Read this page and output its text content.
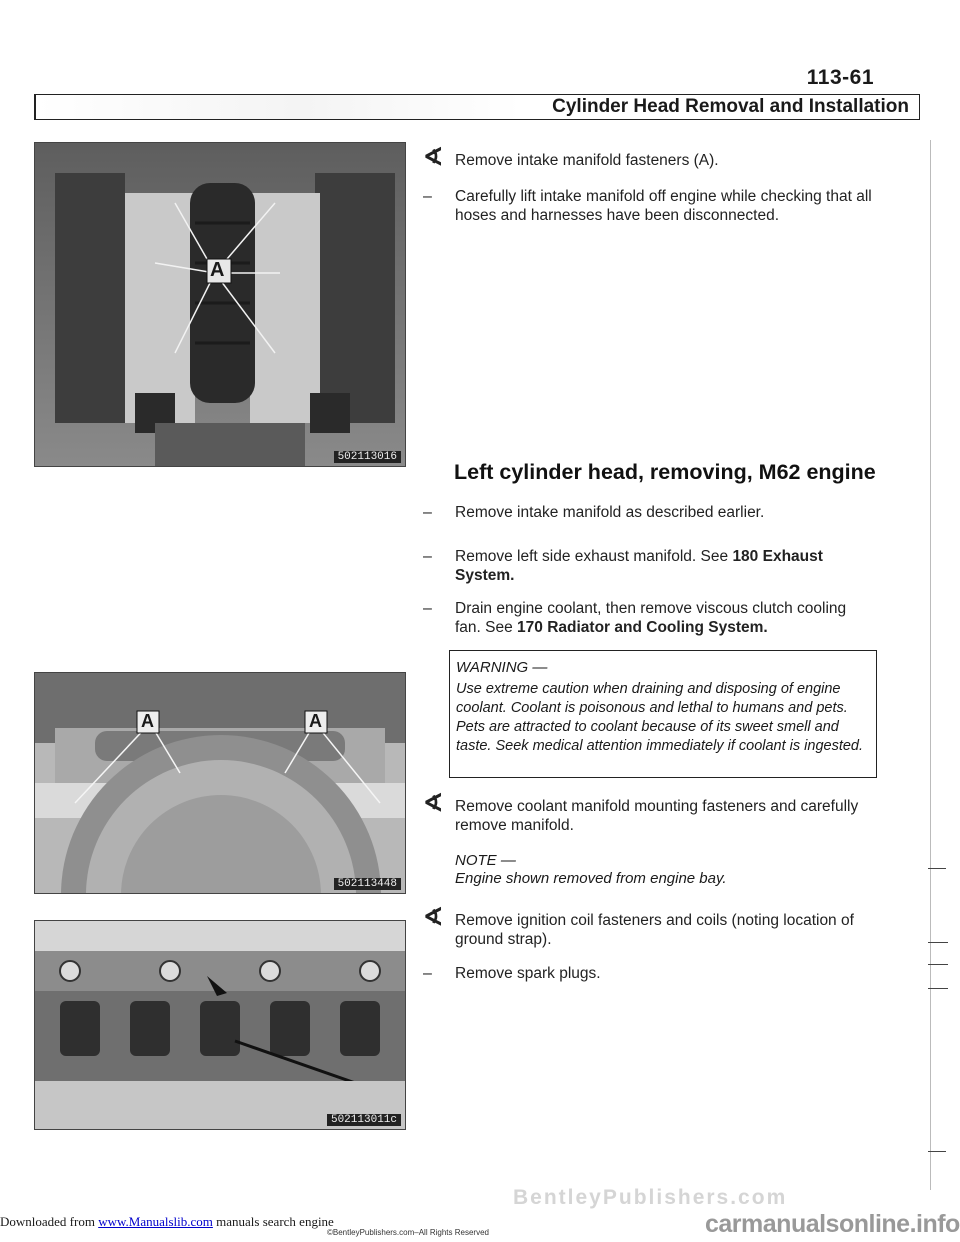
113-61
Cylinder Head Removal and Installation
A
502113016
∢ Remove intake manifold fasteners (A).
– Carefully lift intake manifold off engine while checking that all hoses and harnesses have been disconnected.
Left cylinder head, removing, M62 engine
– Remove intake manifold as described earlier.
– Remove left side exhaust manifold. See 180 Exhaust System.
– Drain engine coolant, then remove viscous clutch cooling fan. See 170 Radiator and Cooling System.
WARNING —
Use extreme caution when draining and disposing of engine coolant. Coolant is poisonous and lethal to humans and pets. Pets are attracted to coolant because of its sweet smell and taste. Seek medical attention immediately if coolant is ingested.
A	A
502113448
∢ Remove coolant manifold mounting fasteners and carefully remove manifold.
NOTE —
Engine shown removed from engine bay.
∢ Remove ignition coil fasteners and coils (noting location of ground strap).
– Remove spark plugs.
502113011c
BentleyPublishers.com
Downloaded from www.Manualslib.com manuals search engine
©BentleyPublishers.com–All Rights Reserved	carmanualsonline.info
